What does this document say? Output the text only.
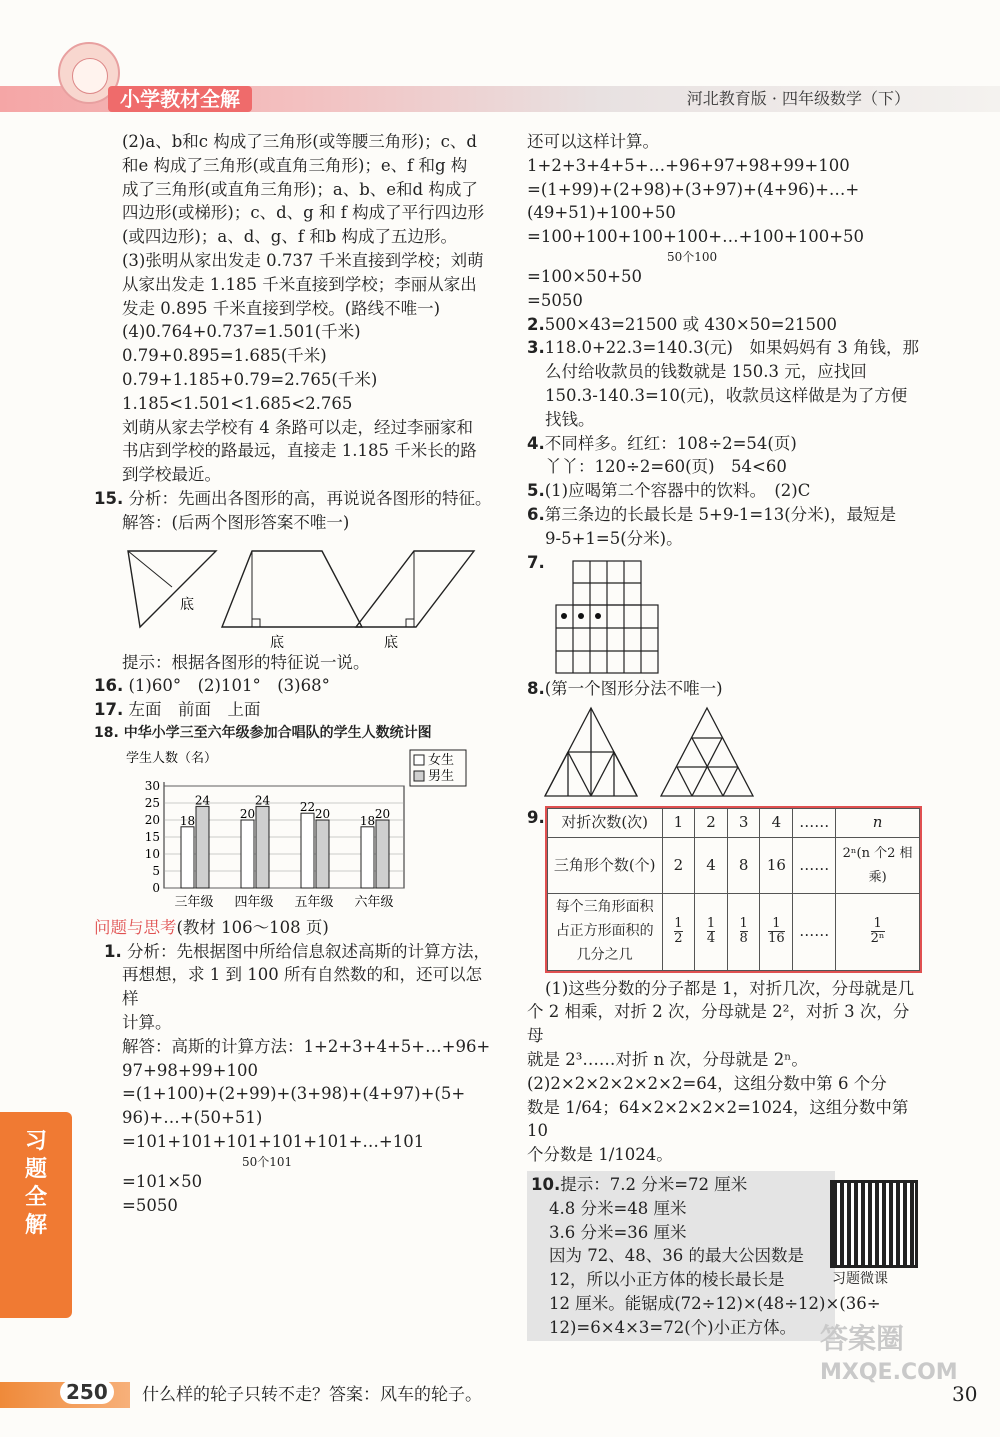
小学教材全解	河北教育版 · 四年级数学（下）

(2)a、b和c 构成了三角形(或等腰三角形)；c、d

和e 构成了三角形(或直角三角形)；e、f 和g 构

成了三角形(或直角三角形)；a、b、e和d 构成了

四边形(或梯形)；c、d、g 和 f 构成了平行四边形

(或四边形)；a、d、g、f 和b 构成了五边形。

(3)张明从家出发走 0.737 千米直接到学校；刘萌

从家出发走 1.185 千米直接到学校；李丽从家出

发走 0.895 千米直接到学校。(路线不唯一)

(4)0.764+0.737=1.501(千米)

0.79+0.895=1.685(千米)

0.79+1.185+0.79=2.765(千米)

1.185<1.501<1.685<2.765

刘萌从家去学校有 4 条路可以走，经过李丽家和

书店到学校的路最远，直接走 1.185 千米长的路

到学校最近。

15. 分析：先画出各图形的高，再说说各图形的特征。

解答：(后两个图形答案不唯一)

底
底	底

提示：根据各图形的特征说一说。

16. (1)60°　(2)101°　(3)68°

17. 左面　前面　上面

18. 中华小学三至六年级参加合唱队的学生人数统计图

学生人数（名）
0
5
10
15
20
25
30
18
24
三年级
20
24
四年级
22 20
五年级
18 20
六年级
女生
男生

问题与思考(教材 106～108 页)

1. 分析：先根据图中所给信息叙述高斯的计算方法，

再想想，求 1 到 100 所有自然数的和，还可以怎样

计算。

解答：高斯的计算方法：1+2+3+4+5+…+96+

97+98+99+100

=(1+100)+(2+99)+(3+98)+(4+97)+(5+

96)+…+(50+51)

=101+101+101+101+101+…+101

50个101

=101×50

=5050

还可以这样计算。

1+2+3+4+5+…+96+97+98+99+100

=(1+99)+(2+98)+(3+97)+(4+96)+…+

(49+51)+100+50

=100+100+100+100+…+100+100+50

50个100

=100×50+50

=5050

2.500×43=21500 或 430×50=21500

3.118.0+22.3=140.3(元)　如果妈妈有 3 角钱，那

么付给收款员的钱数就是 150.3 元，应找回

150.3-140.3=10(元)，收款员这样做是为了方便

找钱。

4.不同样多。红红：108÷2=54(页)

丫丫：120÷2=60(页)　54<60

5.(1)应喝第二个容器中的饮料。　(2)C

6.第三条边的长最长是 5+9-1=13(分米)，最短是

9-5+1=5(分米)。

7.

8.(第一个图形分法不唯一)

9. 对折次数(次)	1	2	3	4	……	n
三角形个数(个)	2	4	8	16	……	2ⁿ(n 个2 相乘)
每个三角形面积占正方形面积的几分之几	$\frac{1}{2}$	$\frac{1}{4}$	$\frac{1}{8}$	$\frac{1}{16}$	……	$\frac{1}{\text{2ⁿ}}$

(1)这些分数的分子都是 1，对折几次，分母就是几

个 2 相乘，对折 2 次，分母就是 2²，对折 3 次，分母

就是 2³……对折 n 次，分母就是 2ⁿ。

(2)2×2×2×2×2×2=64，这组分数中第 6 个分

数是 1/64；64×2×2×2×2=1024，这组分数中第 10

个分数是 1/1024。

10.提示：7.2 分米=72 厘米

4.8 分米=48 厘米

3.6 分米=36 厘米

因为 72、48、36 的最大公因数是

12，所以小正方体的棱长最长是

12 厘米。能锯成(72÷12)×(48÷12)×(36÷

12)=6×4×3=72(个)小正方体。

习题微课
习题全解
250	什么样的轮子只转不走？答案：风车的轮子。	30
答案圈
MXQE.COM
